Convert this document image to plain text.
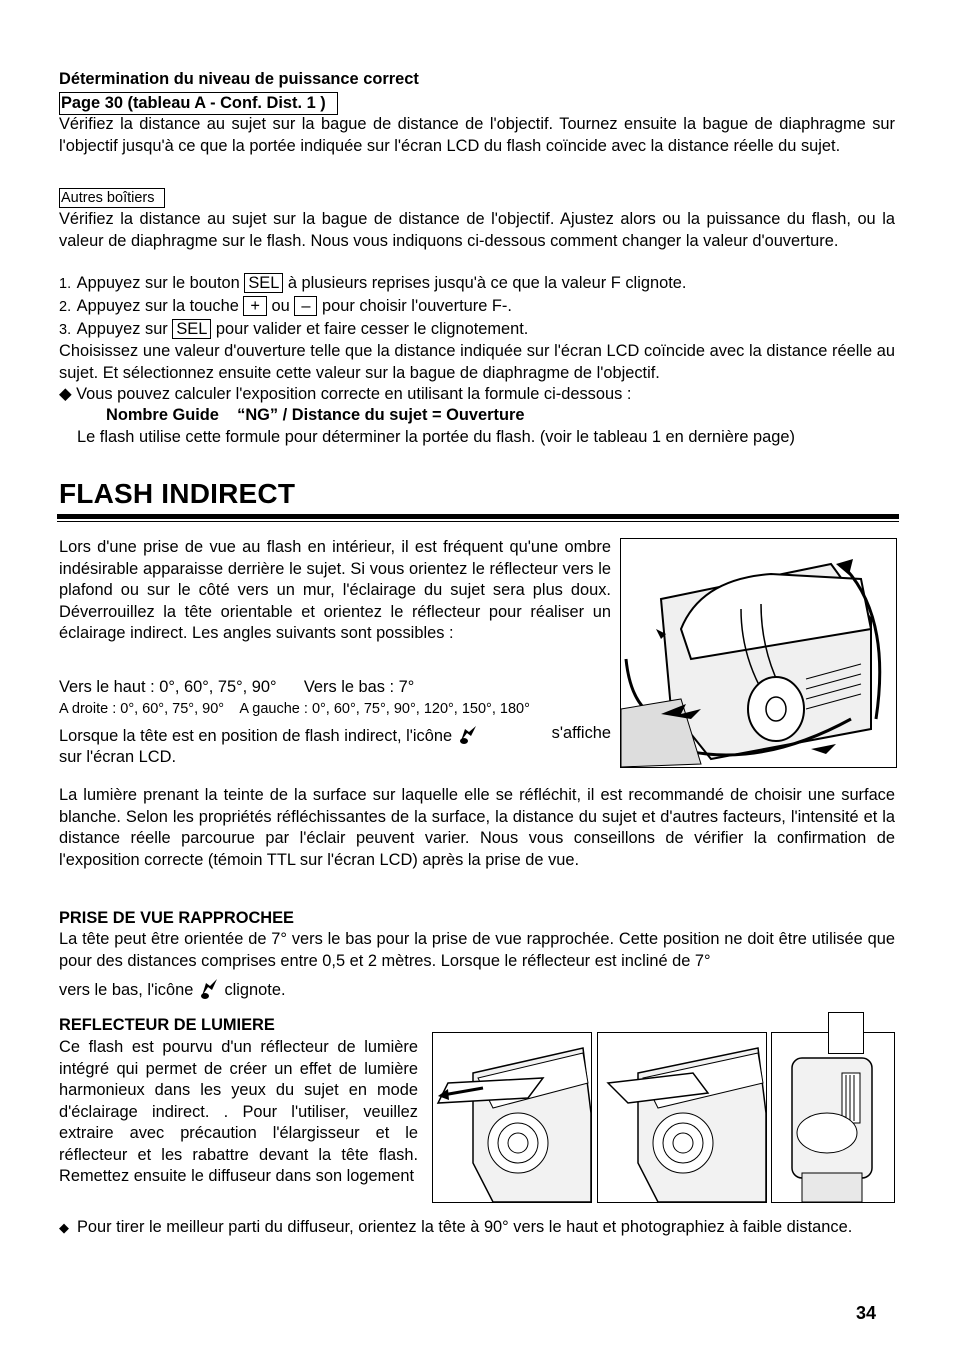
Détermination du niveau de puissance correct
Page 30 (tableau A - Conf. Dist. 1 )

Vérifiez la distance au sujet sur la bague de distance de l'objectif. Tournez ensuite la bague de diaphragme sur l'objectif jusqu'à ce que la portée indiquée sur l'écran LCD du flash coïncide avec la distance réelle du sujet.

Autres boîtiers

Vérifiez la distance au sujet sur la bague de distance de l'objectif. Ajustez alors ou la puissance du flash, ou la valeur de diaphragme sur le flash. Nous vous indiquons ci-dessous comment changer la valeur d'ouverture.

1. Appuyez sur le bouton SEL à plusieurs reprises jusqu'à ce que la valeur F clignote.
2. Appuyez sur la touche + ou – pour choisir l'ouverture F-.
3. Appuyez sur SEL pour valider et faire cesser le clignotement.

Choisissez une valeur d'ouverture telle que la distance indiquée sur l'écran LCD coïncide avec la distance réelle au sujet. Et sélectionnez ensuite cette valeur sur la bague de diaphragme de l'objectif.

◆ Vous pouvez calculer l'exposition correcte en utilisant la formule ci-dessous :
Nombre Guide    “NG” / Distance du sujet = Ouverture
Le flash utilise cette formule pour déterminer la portée du flash. (voir le tableau 1 en dernière page)
FLASH INDIRECT

Lors d'une prise de vue au flash en intérieur, il est fréquent qu'une ombre indésirable apparaisse derrière le sujet. Si vous orientez le réflecteur vers le plafond ou sur le côté vers un mur, l'éclairage du sujet sera plus doux. Déverrouillez la tête orientable et orientez le réflecteur pour réaliser un éclairage indirect. Les angles suivants sont possibles :

Vers le haut : 0°, 60°, 75°, 90°      Vers le bas : 7°
A droite : 0°, 60°, 75°, 90°    A gauche : 0°, 60°, 75°, 90°, 120°, 150°, 180°
Lorsque la tête est en position de flash indirect, l'icône	s'affiche
sur l'écran LCD.

La lumière prenant la teinte de la surface sur laquelle elle se réfléchit, il est recommandé de choisir une surface blanche. Selon les propriétés réfléchissantes de la surface, la distance du sujet et d'autres facteurs, l'intensité et la distance réelle parcourue par l'éclair peuvent varier. Nous vous conseillons de vérifier la confirmation de l'exposition correcte (témoin TTL sur l'écran LCD) après la prise de vue.

PRISE DE VUE RAPPROCHEE

La tête peut être orientée de 7° vers le bas pour la prise de vue rapprochée. Cette position ne doit être utilisée que pour des distances comprises entre 0,5 et 2 mètres. Lorsque le réflecteur est incliné de 7°

vers le bas, l'icône clignote.
REFLECTEUR DE LUMIERE

Ce flash est pourvu d'un réflecteur de lumière intégré qui permet de créer un effet de lumière harmonieux dans les yeux du sujet en mode d'éclairage indirect. . Pour l'utiliser, veuillez extraire avec précaution l'élargisseur et le réflecteur et les rabattre devant la tête flash. Remettez ensuite le diffuseur dans son logement

◆ Pour tirer le meilleur parti du diffuseur, orientez la tête à 90° vers le haut et photographiez à faible distance.
34
